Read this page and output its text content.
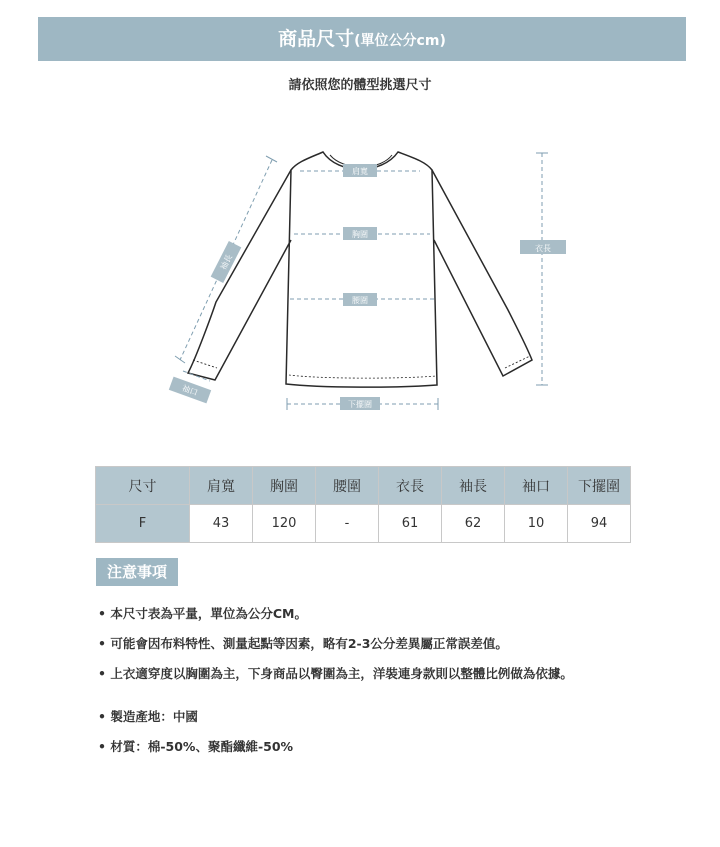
商品尺寸(單位公分cm)
請依照您的體型挑選尺寸
肩寬
胸圍
腰圍
衣長
下擺圍
袖長
袖口
尺寸	肩寬	胸圍	腰圍	衣長	袖長	袖口	下擺圍
F	43	120	-	61	62	10	94
注意事項
• 本尺寸表為平量，單位為公分CM。
• 可能會因布料特性、測量起點等因素，略有2-3公分差異屬正常誤差值。
• 上衣適穿度以胸圍為主，下身商品以臀圍為主，洋裝連身款則以整體比例做為依據。
• 製造產地：中國
• 材質：棉-50%、聚酯纖維-50%
